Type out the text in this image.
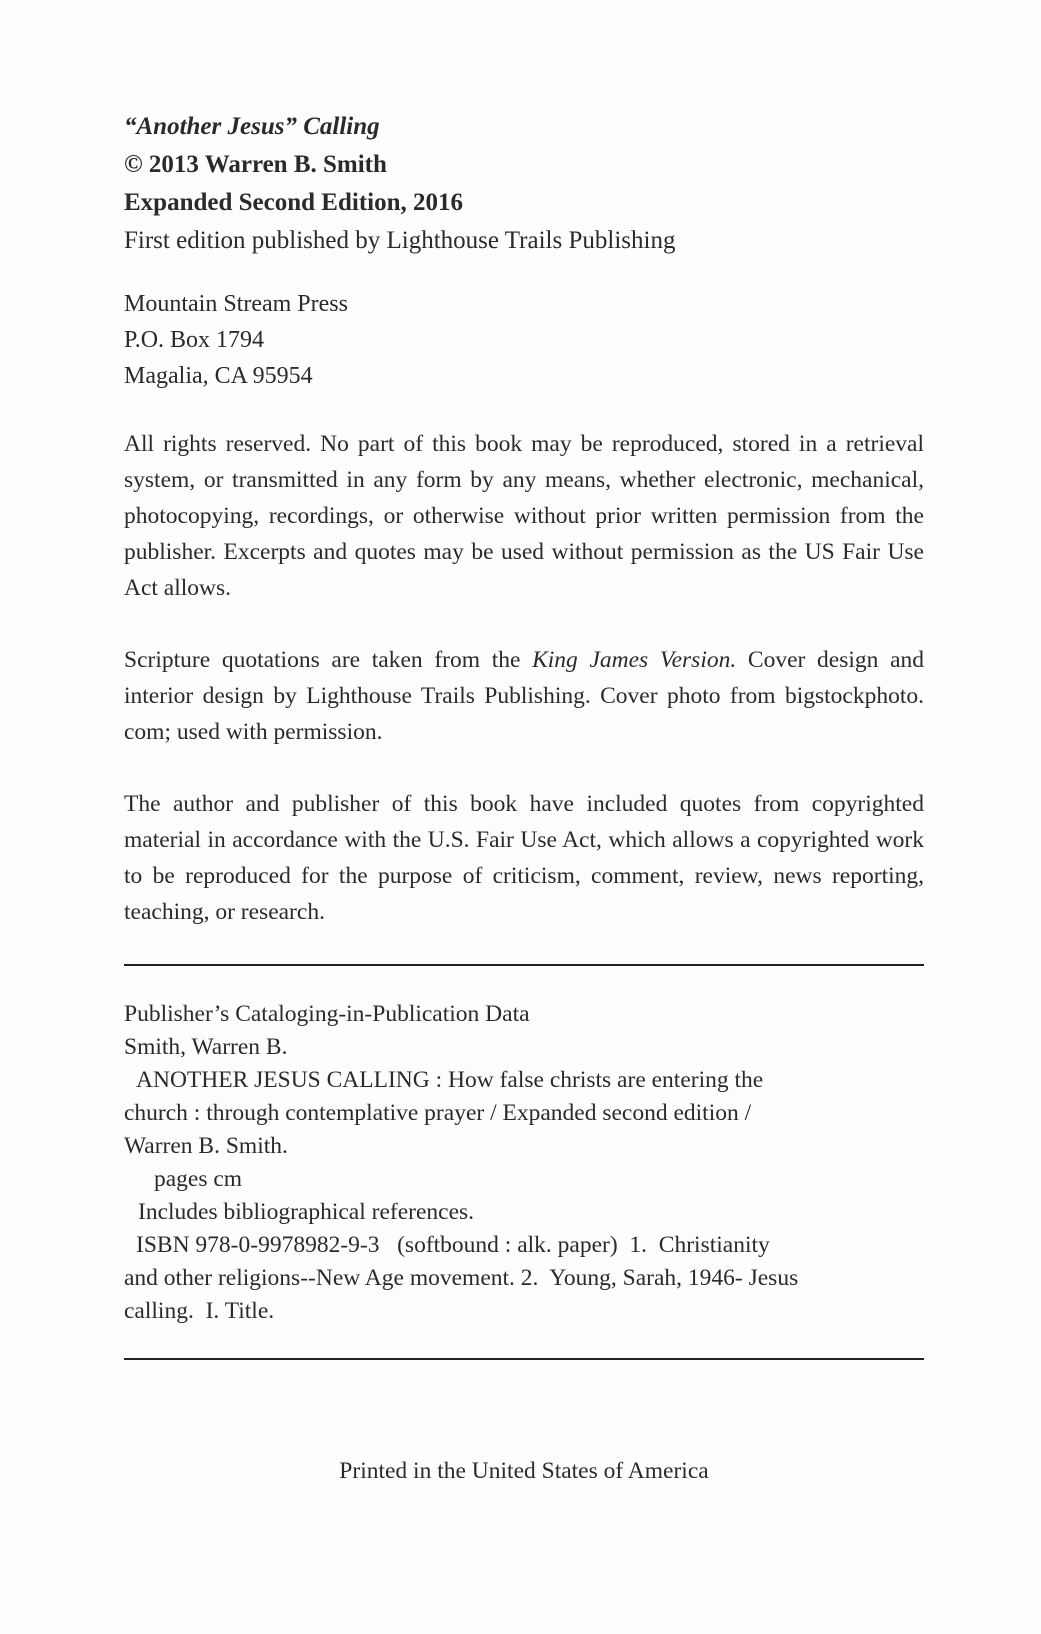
“Another Jesus” Calling
© 2013 Warren B. Smith
Expanded Second Edition, 2016
First edition published by Lighthouse Trails Publishing
Mountain Stream Press
P.O. Box 1794
Magalia, CA 95954

All rights reserved. No part of this book may be reproduced, stored in a retrieval system, or transmitted in any form by any means, whether electronic, mechanical, photocopying, recordings, or otherwise without prior written permission from the publisher. Excerpts and quotes may be used without permission as the US Fair Use Act allows.

Scripture quotations are taken from the King James Version. Cover design and interior design by Lighthouse Trails Publishing. Cover photo from bigstockphoto. com; used with permission.

The author and publisher of this book have included quotes from copyrighted material in accordance with the U.S. Fair Use Act, which allows a copyrighted work to be reproduced for the purpose of criticism, comment, review, news reporting, teaching, or research.

Publisher’s Cataloging-in-Publication Data
Smith, Warren B.
ANOTHER JESUS CALLING : How false christs are entering the
church : through contemplative prayer / Expanded second edition /
Warren B. Smith.
pages cm
Includes bibliographical references.
ISBN 978-0-9978982-9-3   (softbound : alk. paper)  1.  Christianity
and other religions--New Age movement. 2.  Young, Sarah, 1946- Jesus
calling.  I. Title.
Printed in the United States of America
